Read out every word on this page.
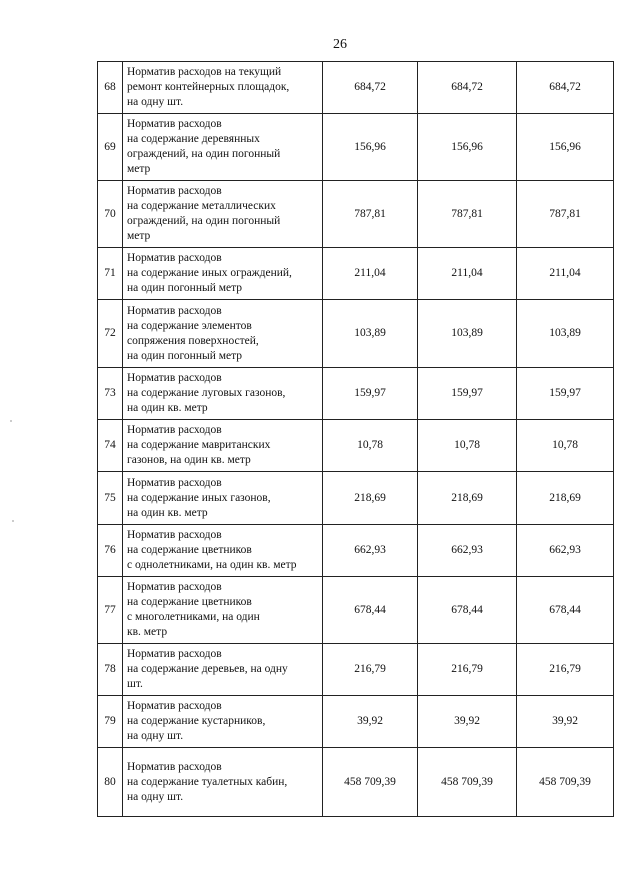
26
68	Норматив расходов на текущий
ремонт контейнерных площадок,
на одну шт.	684,72	684,72	684,72
69	Норматив расходов
на содержание деревянных
ограждений, на один погонный
метр	156,96	156,96	156,96
70	Норматив расходов
на содержание металлических
ограждений, на один погонный
метр	787,81	787,81	787,81
71	Норматив расходов
на содержание иных ограждений,
на один погонный метр	211,04	211,04	211,04
72	Норматив расходов
на содержание элементов
сопряжения поверхностей,
на один погонный метр	103,89	103,89	103,89
73	Норматив расходов
на содержание луговых газонов,
на один кв. метр	159,97	159,97	159,97
74	Норматив расходов
на содержание мавританских
газонов, на один кв. метр	10,78	10,78	10,78
75	Норматив расходов
на содержание иных газонов,
на один кв. метр	218,69	218,69	218,69
76	Норматив расходов
на содержание цветников
с однолетниками, на один кв. метр	662,93	662,93	662,93
77	Норматив расходов
на содержание цветников
с многолетниками, на один
кв. метр	678,44	678,44	678,44
78	Норматив расходов
на содержание деревьев, на одну
шт.	216,79	216,79	216,79
79	Норматив расходов
на содержание кустарников,
на одну шт.	39,92	39,92	39,92
80	Норматив расходов
на содержание туалетных кабин,
на одну шт.	458 709,39	458 709,39	458 709,39
